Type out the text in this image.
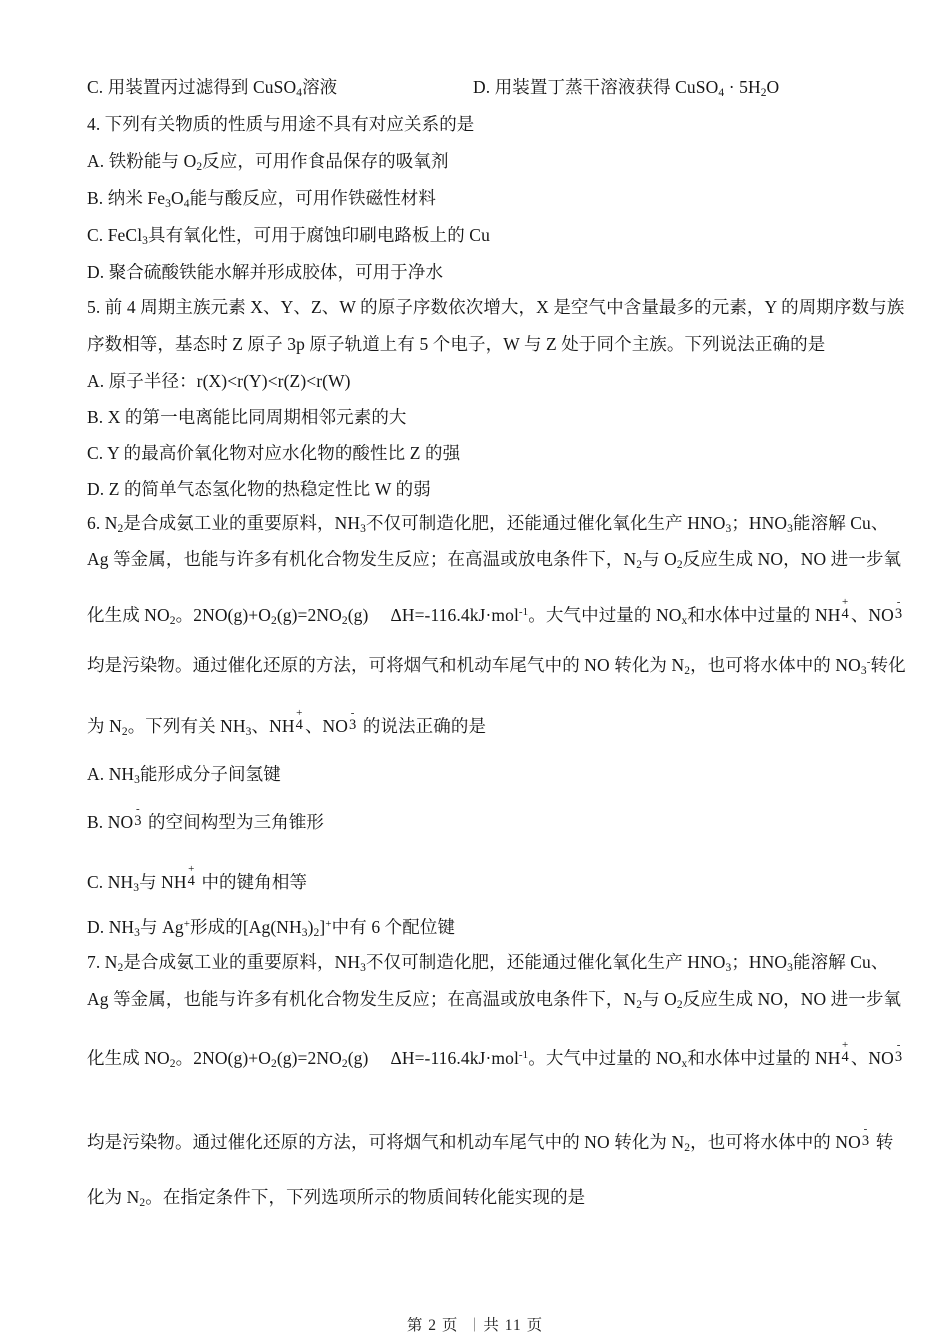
C. 用装置丙过滤得到 CuSO$_4$溶液	D. 用装置丁蒸干溶液获得 CuSO$_4$ · $5H_2O$
4. 下列有关物质的性质与用途不具有对应关系的是
A. 铁粉能与 $O_2$反应，可用作食品保存的吸氧剂
B. 纳米 $Fe_3O_4$能与酸反应，可用作铁磁性材料
C. FeCl$_3$具有氧化性，可用于腐蚀印刷电路板上的 Cu
D. 聚合硫酸铁能水解并形成胶体，可用于净水
5. 前 4 周期主族元素 X、Y、Z、W 的原子序数依次增大，X 是空气中含量最多的元素，Y 的周期序数与族
序数相等，基态时 Z 原子 3p 原子轨道上有 5 个电子，W 与 Z 处于同个主族。下列说法正确的是
A. 原子半径：r(X)<r(Y)<r(Z)<r(W)
B. X 的第一电离能比同周期相邻元素的大
C. Y 的最高价氧化物对应水化物的酸性比 Z 的强
D. Z 的简单气态氢化物的热稳定性比 W 的弱
6. $N_2$是合成氨工业的重要原料，$NH_3$不仅可制造化肥，还能通过催化氧化生产 $HNO_3$；$HNO_3$能溶解 Cu、
Ag 等金属，也能与许多有机化合物发生反应；在高温或放电条件下，$N_2$与 $O_2$反应生成 NO，NO 进一步氧
化生成 $NO_2$。$2NO(g)+O_2(g)=2NO_2(g)$　 ΔH=-116.4kJ·mol$^{-1}$。大气中过量的 $NO_x$和水体中过量的 NH
+
4 、NO
-
3
均是污染物。通过催化还原的方法，可将烟气和机动车尾气中的 NO 转化为 $N_2$，也可将水体中的 $NO_3^-$转化
为 $N_2$。下列有关 $NH_3$、NH
+
4 、NO
-
3 的说法正确的是
A. $NH_3$能形成分子间氢键
B. NO
-
3 的空间构型为三角锥形
C. $NH_3$与 NH
+
4 中的键角相等
D. $NH_3$与 Ag+形成的$[Ag(NH_3)_2]^+$中有 6 个配位键
7. $N_2$是合成氨工业的重要原料，$NH_3$不仅可制造化肥，还能通过催化氧化生产 $HNO_3$；$HNO_3$能溶解 Cu、
Ag 等金属，也能与许多有机化合物发生反应；在高温或放电条件下，$N_2$与 $O_2$反应生成 NO，NO 进一步氧
化生成 $NO_2$。$2NO(g)+O_2(g)=2NO_2(g)$　 ΔH=-116.4kJ·mol$^{-1}$。大气中过量的 $NO_x$和水体中过量的 NH
+
4 、NO
-
3
均是污染物。通过催化还原的方法，可将烟气和机动车尾气中的 NO 转化为 $N_2$，也可将水体中的 NO
-
3 转
化为 $N_2$。在指定条件下，下列选项所示的物质间转化能实现的是
第 2 页 ｜ 共 11 页
